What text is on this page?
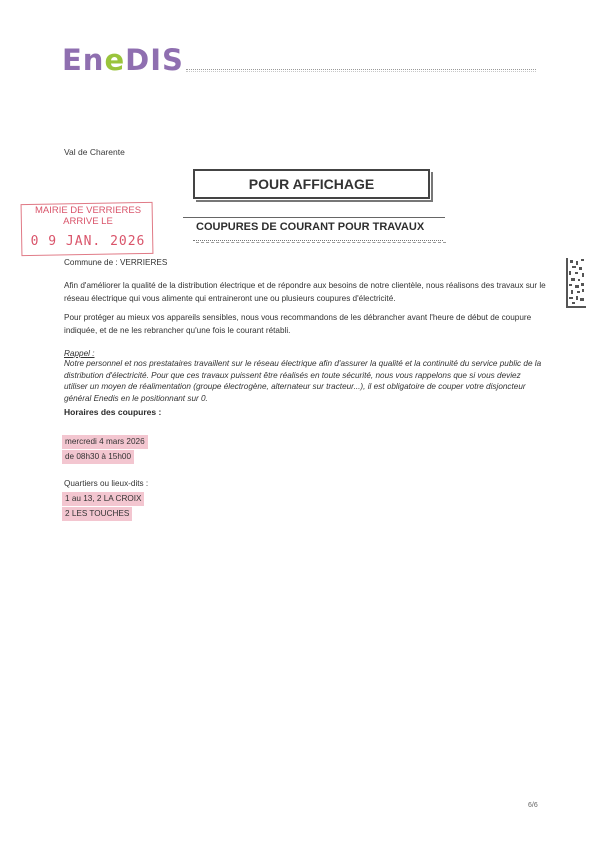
EneDIS
Val de Charente
POUR AFFICHAGE
COUPURES DE COURANT POUR TRAVAUX
MAIRIE DE VERRIERES
ARRIVE LE
0 9 JAN. 2026
Commune de : VERRIERES
Afin d'améliorer la qualité de la distribution électrique et de répondre aux besoins de notre clientèle, nous réalisons des travaux sur le réseau électrique qui vous alimente qui entraineront une ou plusieurs coupures d'électricité.
Pour protéger au mieux vos appareils sensibles, nous vous recommandons de les débrancher avant l'heure de début de coupure indiquée, et de ne les rebrancher qu'une fois le courant rétabli.
Rappel :
Notre personnel et nos prestataires travaillent sur le réseau électrique afin d'assurer la qualité et la continuité du service public de la distribution d'électricité. Pour que ces travaux puissent être réalisés en toute sécurité, nous vous rappelons que si vous deviez utiliser un moyen de réalimentation (groupe électrogène, alternateur sur tracteur...), il est obligatoire de couper votre disjoncteur général Enedis en le positionnant sur 0.
Horaires des coupures :
mercredi 4 mars 2026
de 08h30 à 15h00
Quartiers ou lieux-dits :
1 au 13, 2 LA CROIX
2 LES TOUCHES
6/6
